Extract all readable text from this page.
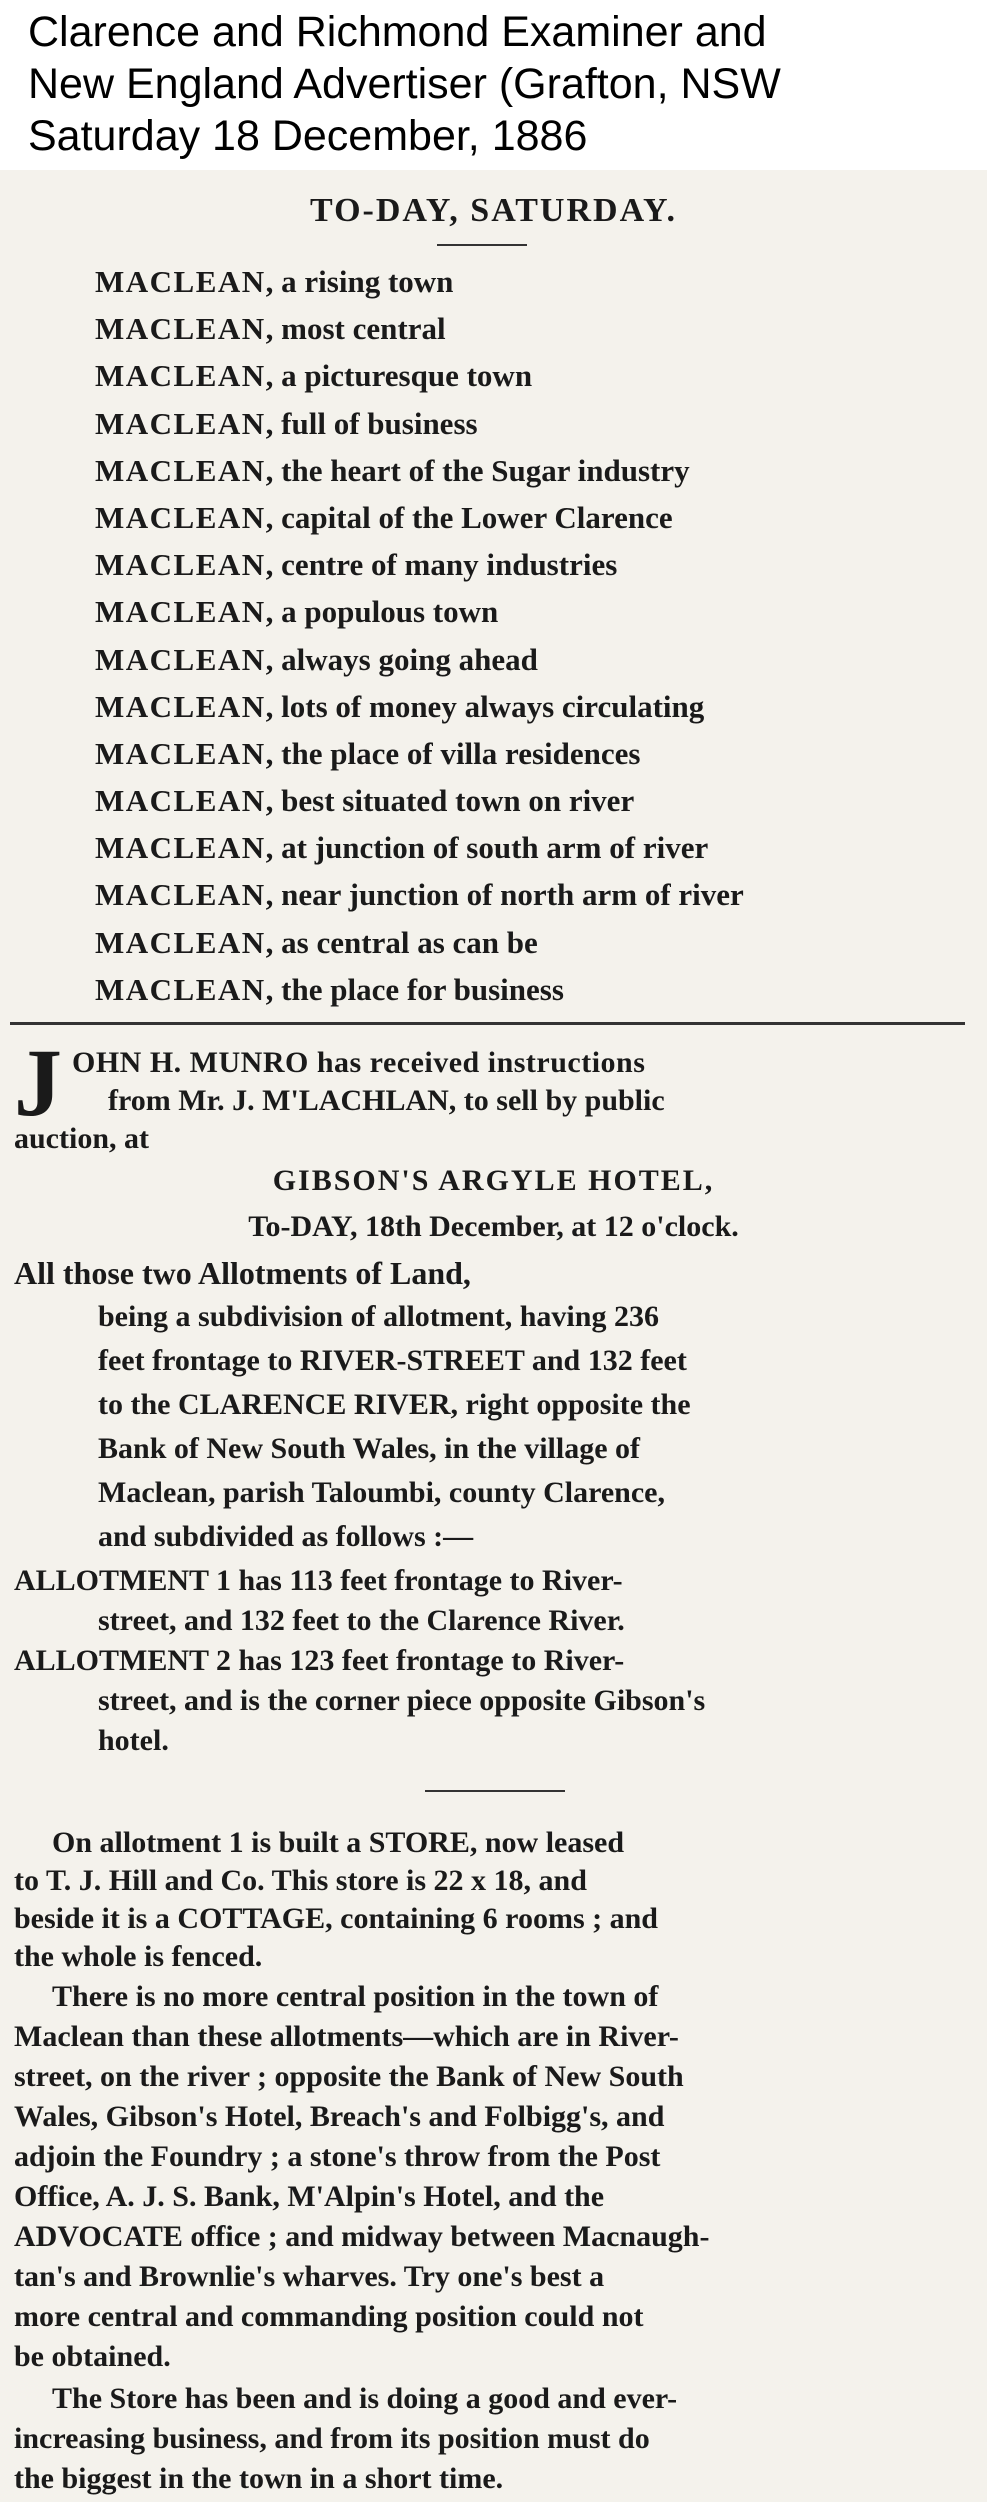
Clarence and Richmond Examiner and
New England Advertiser (Grafton, NSW
Saturday 18 December, 1886
TO-DAY, SATURDAY.
MACLEAN, a rising town
MACLEAN, most central
MACLEAN, a picturesque town
MACLEAN, full of business
MACLEAN, the heart of the Sugar industry
MACLEAN, capital of the Lower Clarence
MACLEAN, centre of many industries
MACLEAN, a populous town
MACLEAN, always going ahead
MACLEAN, lots of money always circulating
MACLEAN, the place of villa residences
MACLEAN, best situated town on river
MACLEAN, at junction of south arm of river
MACLEAN, near junction of north arm of river
MACLEAN, as central as can be
MACLEAN, the place for business
J OHN H. MUNRO has received instructions
from Mr. J. M'LACHLAN, to sell by public
auction, at
GIBSON'S ARGYLE HOTEL,
To-DAY, 18th December, at 12 o'clock.
All those two Allotments of Land,
being a subdivision of allotment, having 236
feet frontage to RIVER-STREET and 132 feet
to the CLARENCE RIVER, right opposite the
Bank of New South Wales, in the village of
Maclean, parish Taloumbi, county Clarence,
and subdivided as follows :—
ALLOTMENT 1 has 113 feet frontage to River-
street, and 132 feet to the Clarence River.
ALLOTMENT 2 has 123 feet frontage to River-
street, and is the corner piece opposite Gibson's
hotel.
On allotment 1 is built a STORE, now leased
to T. J. Hill and Co. This store is 22 x 18, and
beside it is a COTTAGE, containing 6 rooms ; and
the whole is fenced.
There is no more central position in the town of
Maclean than these allotments—which are in River-
street, on the river ; opposite the Bank of New South
Wales, Gibson's Hotel, Breach's and Folbigg's, and
adjoin the Foundry ; a stone's throw from the Post
Office, A. J. S. Bank, M'Alpin's Hotel, and the
ADVOCATE office ; and midway between Macnaugh-
tan's and Brownlie's wharves. Try one's best a
more central and commanding position could not
be obtained.
The Store has been and is doing a good and ever-
increasing business, and from its position must do
the biggest in the town in a short time.
